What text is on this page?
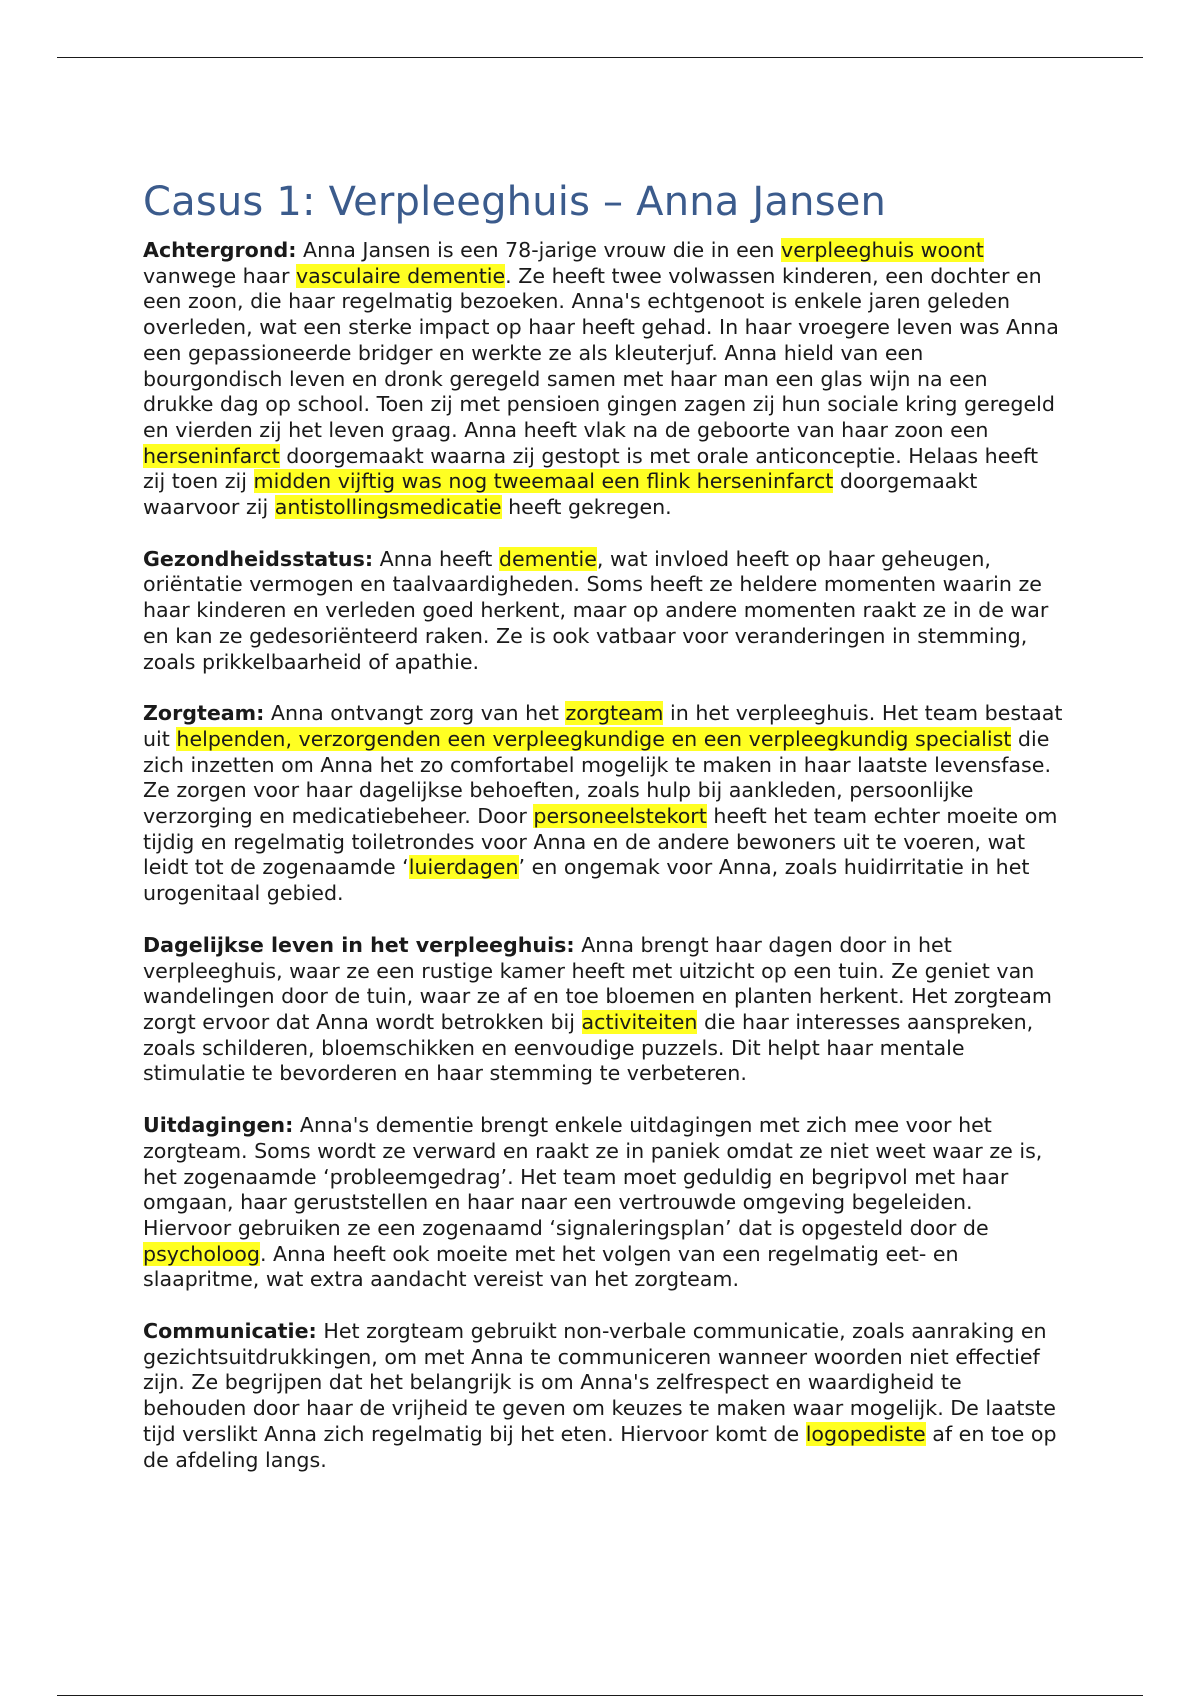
Casus 1: Verpleeghuis – Anna Jansen

Achtergrond: Anna Jansen is een 78-jarige vrouw die in een verpleeghuis woont vanwege haar vasculaire dementie. Ze heeft twee volwassen kinderen, een dochter en een zoon, die haar regelmatig bezoeken. Anna's echtgenoot is enkele jaren geleden overleden, wat een sterke impact op haar heeft gehad. In haar vroegere leven was Anna een gepassioneerde bridger en werkte ze als kleuterjuf. Anna hield van een bourgondisch leven en dronk geregeld samen met haar man een glas wijn na een drukke dag op school. Toen zij met pensioen gingen zagen zij hun sociale kring geregeld en vierden zij het leven graag. Anna heeft vlak na de geboorte van haar zoon een herseninfarct doorgemaakt waarna zij gestopt is met orale anticonceptie. Helaas heeft zij toen zij midden vijftig was nog tweemaal een flink herseninfarct doorgemaakt waarvoor zij antistollingsmedicatie heeft gekregen.

Gezondheidsstatus: Anna heeft dementie, wat invloed heeft op haar geheugen, oriëntatie vermogen en taalvaardigheden. Soms heeft ze heldere momenten waarin ze haar kinderen en verleden goed herkent, maar op andere momenten raakt ze in de war en kan ze gedesoriënteerd raken. Ze is ook vatbaar voor veranderingen in stemming, zoals prikkelbaarheid of apathie.

Zorgteam: Anna ontvangt zorg van het zorgteam in het verpleeghuis. Het team bestaat uit helpenden, verzorgenden een verpleegkundige en een verpleegkundig specialist die zich inzetten om Anna het zo comfortabel mogelijk te maken in haar laatste levensfase. Ze zorgen voor haar dagelijkse behoeften, zoals hulp bij aankleden, persoonlijke verzorging en medicatiebeheer. Door personeelstekort heeft het team echter moeite om tijdig en regelmatig toiletrondes voor Anna en de andere bewoners uit te voeren, wat leidt tot de zogenaamde ‘luierdagen’ en ongemak voor Anna, zoals huidirritatie in het urogenitaal gebied.

Dagelijkse leven in het verpleeghuis: Anna brengt haar dagen door in het verpleeghuis, waar ze een rustige kamer heeft met uitzicht op een tuin. Ze geniet van wandelingen door de tuin, waar ze af en toe bloemen en planten herkent. Het zorgteam zorgt ervoor dat Anna wordt betrokken bij activiteiten die haar interesses aanspreken, zoals schilderen, bloemschikken en eenvoudige puzzels. Dit helpt haar mentale stimulatie te bevorderen en haar stemming te verbeteren.

Uitdagingen: Anna's dementie brengt enkele uitdagingen met zich mee voor het zorgteam. Soms wordt ze verward en raakt ze in paniek omdat ze niet weet waar ze is, het zogenaamde ‘probleemgedrag’. Het team moet geduldig en begripvol met haar omgaan, haar geruststellen en haar naar een vertrouwde omgeving begeleiden. Hiervoor gebruiken ze een zogenaamd ‘signaleringsplan’ dat is opgesteld door de psycholoog. Anna heeft ook moeite met het volgen van een regelmatig eet- en slaapritme, wat extra aandacht vereist van het zorgteam.

Communicatie: Het zorgteam gebruikt non-verbale communicatie, zoals aanraking en gezichtsuitdrukkingen, om met Anna te communiceren wanneer woorden niet effectief zijn. Ze begrijpen dat het belangrijk is om Anna's zelfrespect en waardigheid te behouden door haar de vrijheid te geven om keuzes te maken waar mogelijk. De laatste tijd verslikt Anna zich regelmatig bij het eten. Hiervoor komt de logopediste af en toe op de afdeling langs.
